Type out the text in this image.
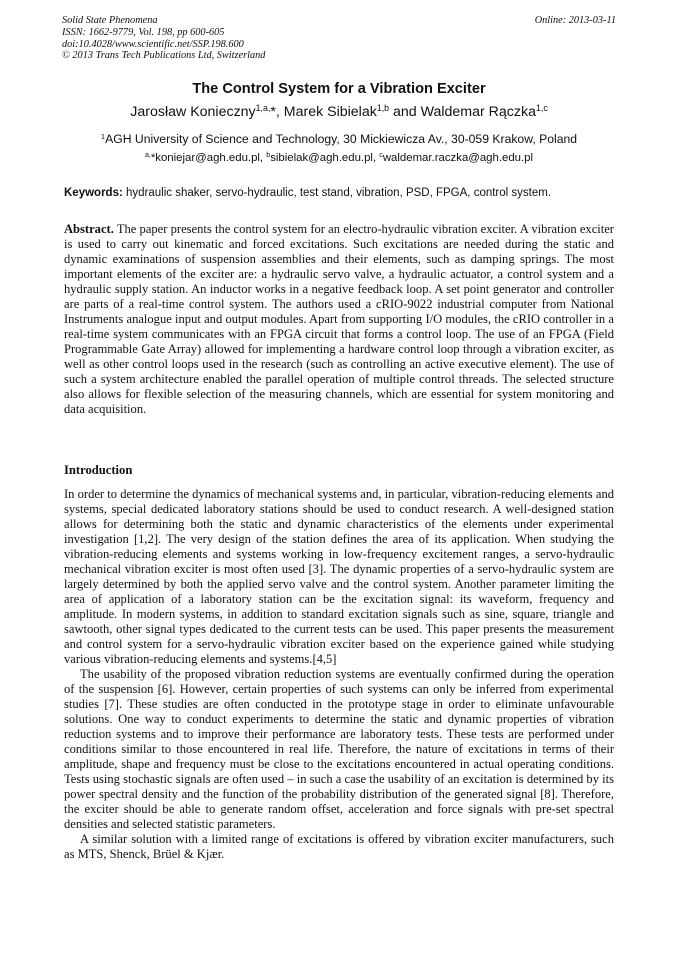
Solid State Phenomena
ISSN: 1662-9779, Vol. 198, pp 600-605
doi:10.4028/www.scientific.net/SSP.198.600
© 2013 Trans Tech Publications Ltd, Switzerland
Online: 2013-03-11
The Control System for a Vibration Exciter
Jarosław Konieczny$^{1,a,}$*, Marek Sibielak$^{1,b}$ and Waldemar Rączka$^{1,c}$
$^1$AGH University of Science and Technology, 30 Mickiewicza Av., 30-059 Krakow, Poland
$^{a,}$*koniejar@agh.edu.pl, $^b$sibielak@agh.edu.pl, $^c$waldemar.raczka@agh.edu.pl
Keywords: hydraulic shaker, servo-hydraulic, test stand, vibration, PSD, FPGA, control system.

Abstract. The paper presents the control system for an electro-hydraulic vibration exciter. A vibration exciter is used to carry out kinematic and forced excitations. Such excitations are needed during the static and dynamic examinations of suspension assemblies and their elements, such as damping springs. The most important elements of the exciter are: a hydraulic servo valve, a hydraulic actuator, a control system and a hydraulic supply station. An inductor works in a negative feedback loop. A set point generator and controller are parts of a real-time control system. The authors used a cRIO-9022 industrial computer from National Instruments analogue input and output modules. Apart from supporting I/O modules, the cRIO controller in a real-time system communicates with an FPGA circuit that forms a control loop. The use of an FPGA (Field Programmable Gate Array) allowed for implementing a hardware control loop through a vibration exciter, as well as other control loops used in the research (such as controlling an active executive element). The use of such a system architecture enabled the parallel operation of multiple control threads. The selected structure also allows for flexible selection of the measuring channels, which are essential for system monitoring and data acquisition.

Introduction

In order to determine the dynamics of mechanical systems and, in particular, vibration-reducing elements and systems, special dedicated laboratory stations should be used to conduct research. A well-designed station allows for determining both the static and dynamic characteristics of the elements under experimental investigation [1,2]. The very design of the station defines the area of its application. When studying the vibration-reducing elements and systems working in low-frequency excitement ranges, a servo-hydraulic mechanical vibration exciter is most often used [3]. The dynamic properties of a servo-hydraulic system are largely determined by both the applied servo valve and the control system. Another parameter limiting the area of application of a laboratory station can be the excitation signal: its waveform, frequency and amplitude. In modern systems, in addition to standard excitation signals such as sine, square, triangle and sawtooth, other signal types dedicated to the current tests can be used. This paper presents the measurement and control system for a servo-hydraulic vibration exciter based on the experience gained while studying various vibration-reducing elements and systems.[4,5]

The usability of the proposed vibration reduction systems are eventually confirmed during the operation of the suspension [6]. However, certain properties of such systems can only be inferred from experimental studies [7]. These studies are often conducted in the prototype stage in order to eliminate unfavourable solutions. One way to conduct experiments to determine the static and dynamic properties of vibration reduction systems and to improve their performance are laboratory tests. These tests are performed under conditions similar to those encountered in real life. Therefore, the nature of excitations in terms of their amplitude, shape and frequency must be close to the excitations encountered in actual operating conditions. Tests using stochastic signals are often used – in such a case the usability of an excitation is determined by its power spectral density and the function of the probability distribution of the generated signal [8]. Therefore, the exciter should be able to generate random offset, acceleration and force signals with pre-set spectral densities and selected statistic parameters.

A similar solution with a limited range of excitations is offered by vibration exciter manufacturers, such as MTS, Shenck, Brüel & Kjær.
